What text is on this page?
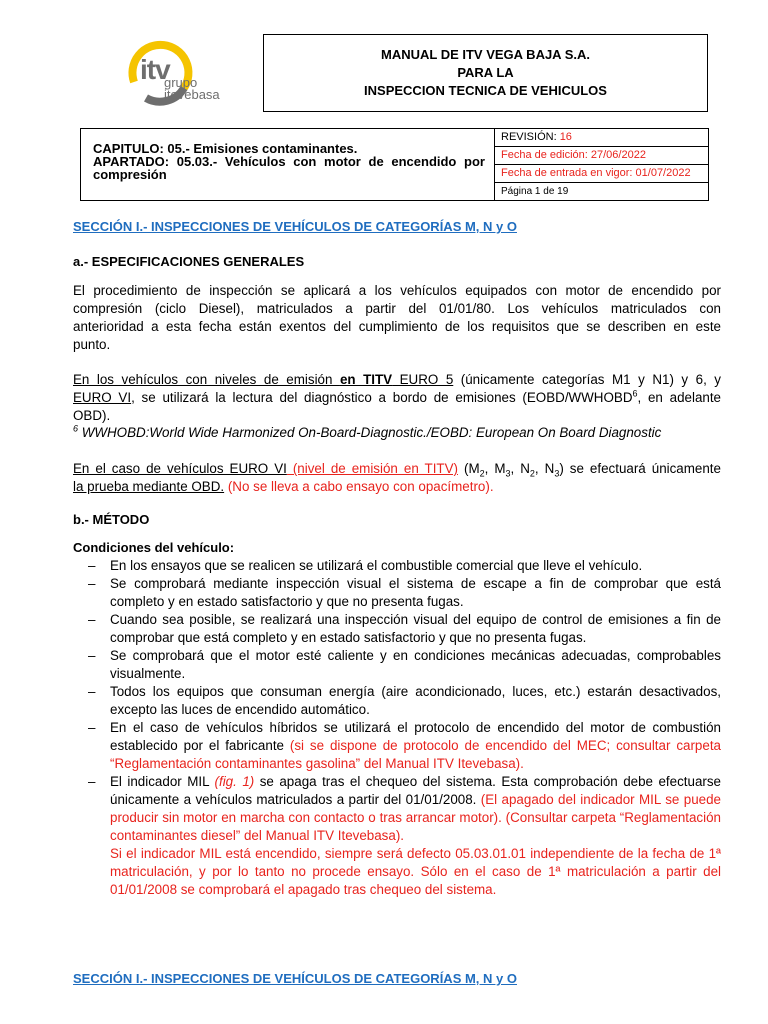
itv
grupo
itevebasa
MANUAL DE ITV VEGA BAJA S.A.
PARA LA
INSPECCION TECNICA DE VEHICULOS
CAPITULO: 05.- Emisiones contaminantes.
APARTADO: 05.03.- Vehículos con motor de encendido por
compresión
REVISIÓN: 16
Fecha de edición: 27/06/2022
Fecha de entrada en vigor: 01/07/2022
Página 1 de 19
SECCIÓN I.- INSPECCIONES DE VEHÍCULOS DE CATEGORÍAS M, N y O
a.- ESPECIFICACIONES GENERALES
El procedimiento de inspección se aplicará a los vehículos equipados con motor de encendido por
compresión (ciclo Diesel), matriculados a partir del 01/01/80. Los vehículos matriculados con
anterioridad a esta fecha están exentos del cumplimiento de los requisitos que se describen en este
punto.
En los vehículos con niveles de emisión en TITV EURO 5 (únicamente categorías M1 y N1) y 6, y
EURO VI, se utilizará la lectura del diagnóstico a bordo de emisiones (EOBD/WWHOBD$^6$, en adelante
OBD).
$^6$ WWHOBD:World Wide Harmonized On-Board-Diagnostic./EOBD: European On Board Diagnostic
En el caso de vehículos EURO VI (nivel de emisión en TITV) ($M_2$, $M_3$, $N_2$, $N_3$) se efectuará únicamente
la prueba mediante OBD. (No se lleva a cabo ensayo con opacímetro).
b.- MÉTODO
Condiciones del vehículo:
– En los ensayos que se realicen se utilizará el combustible comercial que lleve el vehículo.
– Se comprobará mediante inspección visual el sistema de escape a fin de comprobar que está completo y en estado satisfactorio y que no presenta fugas.
– Cuando sea posible, se realizará una inspección visual del equipo de control de emisiones a fin de comprobar que está completo y en estado satisfactorio y que no presenta fugas.
– Se comprobará que el motor esté caliente y en condiciones mecánicas adecuadas, comprobables visualmente.
– Todos los equipos que consuman energía (aire acondicionado, luces, etc.) estarán desactivados, excepto las luces de encendido automático.
– En el caso de vehículos híbridos se utilizará el protocolo de encendido del motor de combustión establecido por el fabricante (si se dispone de protocolo de encendido del MEC; consultar carpeta “Reglamentación contaminantes gasolina” del Manual ITV Itevebasa).
– El indicador MIL (fig. 1) se apaga tras el chequeo del sistema. Esta comprobación debe efectuarse únicamente a vehículos matriculados a partir del 01/01/2008. (El apagado del indicador MIL se puede producir sin motor en marcha con contacto o tras arrancar motor). (Consultar carpeta “Reglamentación contaminantes diesel” del Manual ITV Itevebasa).
Si el indicador MIL está encendido, siempre será defecto 05.03.01.01 independiente de la fecha de 1ª matriculación, y por lo tanto no procede ensayo. Sólo en el caso de 1ª matriculación a partir del 01/01/2008 se comprobará el apagado tras chequeo del sistema.
SECCIÓN I.- INSPECCIONES DE VEHÍCULOS DE CATEGORÍAS M, N y O
